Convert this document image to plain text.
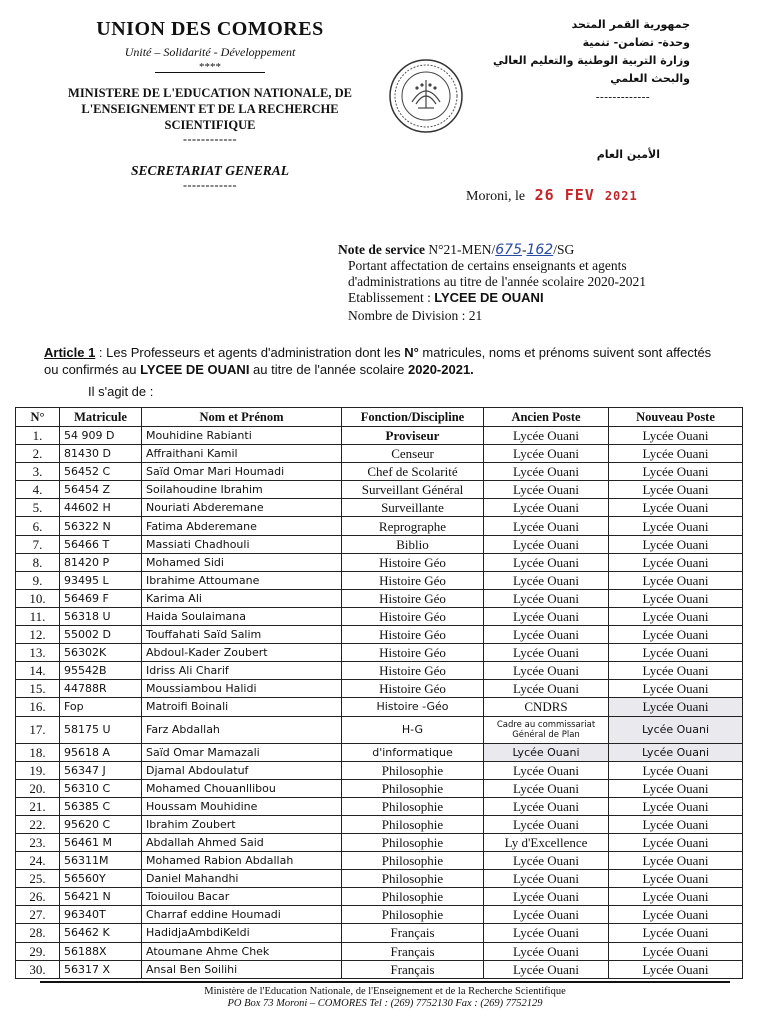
UNION DES COMORES
Unité – Solidarité - Développement
****
MINISTERE DE L'EDUCATION NATIONALE, DE
L'ENSEIGNEMENT ET DE LA RECHERCHE
SCIENTIFIQUE
------------
SECRETARIAT GENERAL
------------
جمهورية القمر المتحد
وحدة- تضامن- تنمية
وزارة التربية الوطنية والتعليم العالي
والبحث العلمي
-------------
الأمين العام
Moroni, le 26 FEV 2021
Note de service N°21-MEN/675-162/SG
Portant affectation de certains enseignants et agents
d'administrations au titre de l'année scolaire 2020-2021
Etablissement : LYCEE DE OUANI
Nombre de Division : 21
Article 1 : Les Professeurs et agents d'administration dont les N° matricules, noms et prénoms suivent sont affectés ou confirmés au LYCEE DE OUANI au titre de l'année scolaire 2020-2021.
Il s'agit de :
N°	Matricule	Nom et Prénom	Fonction/Discipline	Ancien Poste	Nouveau Poste
1.	54 909 D	Mouhidine Rabianti	Proviseur	Lycée Ouani	Lycée Ouani
2.	81430 D	Affraithani Kamil	Censeur	Lycée Ouani	Lycée Ouani
3.	56452 C	Saïd Omar Mari Houmadi	Chef de Scolarité	Lycée Ouani	Lycée Ouani
4.	56454 Z	Soilahoudine Ibrahim	Surveillant Général	Lycée Ouani	Lycée Ouani
5.	44602 H	Nouriati Abderemane	Surveillante	Lycée Ouani	Lycée Ouani
6.	56322 N	Fatima Abderemane	Reprographe	Lycée Ouani	Lycée Ouani
7.	56466 T	Massiati Chadhouli	Biblio	Lycée Ouani	Lycée Ouani
8.	81420 P	Mohamed Sidi	Histoire Géo	Lycée Ouani	Lycée Ouani
9.	93495 L	Ibrahime Attoumane	Histoire Géo	Lycée Ouani	Lycée Ouani
10.	56469 F	Karima Ali	Histoire Géo	Lycée Ouani	Lycée Ouani
11.	56318 U	Haida Soulaimana	Histoire Géo	Lycée Ouani	Lycée Ouani
12.	55002 D	Touffahati Saïd Salim	Histoire Géo	Lycée Ouani	Lycée Ouani
13.	56302K	Abdoul-Kader Zoubert	Histoire Géo	Lycée Ouani	Lycée Ouani
14.	95542B	Idriss Ali Charif	Histoire Géo	Lycée Ouani	Lycée Ouani
15.	44788R	Moussiambou Halidi	Histoire Géo	Lycée Ouani	Lycée Ouani
16.	Fop	Matroifi Boinali	Histoire -Géo	CNDRS	Lycée Ouani
17.	58175 U	Farz Abdallah	H-G	Cadre au commissariat Général de Plan	Lycée Ouani
18.	95618 A	Saïd Omar Mamazali	d'informatique	Lycée Ouani	Lycée Ouani
19.	56347 J	Djamal Abdoulatuf	Philosophie	Lycée Ouani	Lycée Ouani
20.	56310 C	Mohamed Chouanllibou	Philosophie	Lycée Ouani	Lycée Ouani
21.	56385 C	Houssam Mouhidine	Philosophie	Lycée Ouani	Lycée Ouani
22.	95620 C	Ibrahim Zoubert	Philosophie	Lycée Ouani	Lycée Ouani
23.	56461 M	Abdallah Ahmed Said	Philosophie	Ly d'Excellence	Lycée Ouani
24.	56311M	Mohamed Rabion Abdallah	Philosophie	Lycée Ouani	Lycée Ouani
25.	56560Y	Daniel Mahandhi	Philosophie	Lycée Ouani	Lycée Ouani
26.	56421 N	Toiouilou Bacar	Philosophie	Lycée Ouani	Lycée Ouani
27.	96340T	Charraf eddine Houmadi	Philosophie	Lycée Ouani	Lycée Ouani
28.	56462 K	HadidjaAmbdiKeldi	Français	Lycée Ouani	Lycée Ouani
29.	56188X	Atoumane Ahme Chek	Français	Lycée Ouani	Lycée Ouani
30.	56317 X	Ansal Ben Soilihi	Français	Lycée Ouani	Lycée Ouani
Ministère de l'Education Nationale, de l'Enseignement et de la Recherche Scientifique
PO Box 73 Moroni – COMORES Tel : (269) 7752130 Fax : (269) 7752129
